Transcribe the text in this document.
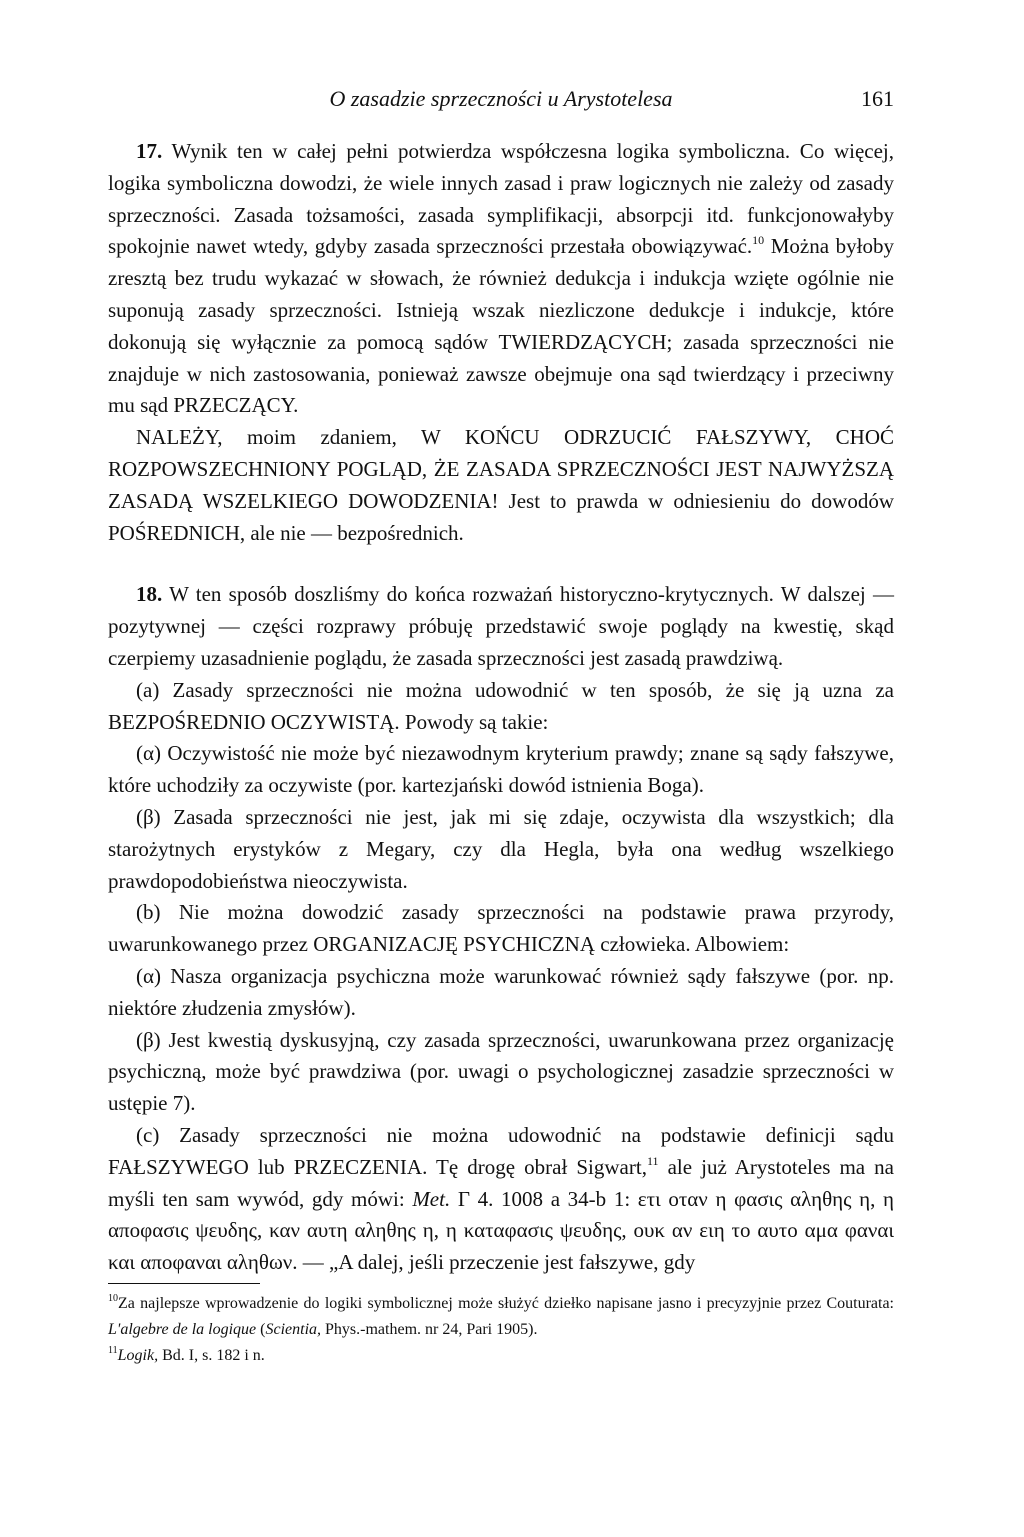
O zasadzie sprzeczności u Arystotelesa	161

17. Wynik ten w całej pełni potwierdza współczesna logika symboliczna. Co więcej, logika symboliczna dowodzi, że wiele innych zasad i praw logicznych nie zależy od zasady sprzeczności. Zasada tożsamości, zasada symplifikacji, absorpcji itd. funkcjonowałyby spokojnie nawet wtedy, gdyby zasada sprzeczności przestała obowiązywać.$^{10}$ Można byłoby zresztą bez trudu wykazać w słowach, że również dedukcja i indukcja wzięte ogólnie nie suponują zasady sprzeczności. Istnieją wszak niezliczone dedukcje i indukcje, które dokonują się wyłącznie za pomocą sądów TWIERDZĄCYCH; zasada sprzeczności nie znajduje w nich zastosowania, ponieważ zawsze obejmuje ona sąd twierdzący i przeciwny mu sąd PRZECZĄCY.

NALEŻY, moim zdaniem, W KOŃCU ODRZUCIĆ FAŁSZYWY, CHOĆ ROZPOWSZECHNIONY POGLĄD, ŻE ZASADA SPRZECZNOŚCI JEST NAJWYŻSZĄ ZASADĄ WSZELKIEGO DOWODZENIA! Jest to prawda w odniesieniu do dowodów POŚREDNICH, ale nie — bezpośrednich.

18. W ten sposób doszliśmy do końca rozważań historyczno-krytycznych. W dalszej — pozytywnej — części rozprawy próbuję przedstawić swoje poglądy na kwestię, skąd czerpiemy uzasadnienie poglądu, że zasada sprzeczności jest zasadą prawdziwą.

(a) Zasady sprzeczności nie można udowodnić w ten sposób, że się ją uzna za BEZPOŚREDNIO OCZYWISTĄ. Powody są takie:

(α) Oczywistość nie może być niezawodnym kryterium prawdy; znane są sądy fałszywe, które uchodziły za oczywiste (por. kartezjański dowód istnienia Boga).

(β) Zasada sprzeczności nie jest, jak mi się zdaje, oczywista dla wszystkich; dla starożytnych erystyków z Megary, czy dla Hegla, była ona według wszelkiego prawdopodobieństwa nieoczywista.

(b) Nie można dowodzić zasady sprzeczności na podstawie prawa przyrody, uwarunkowanego przez ORGANIZACJĘ PSYCHICZNĄ człowieka. Albowiem:

(α) Nasza organizacja psychiczna może warunkować również sądy fałszywe (por. np. niektóre złudzenia zmysłów).

(β) Jest kwestią dyskusyjną, czy zasada sprzeczności, uwarunkowana przez organizację psychiczną, może być prawdziwa (por. uwagi o psychologicznej zasadzie sprzeczności w ustępie 7).

(c) Zasady sprzeczności nie można udowodnić na podstawie definicji sądu FAŁSZYWEGO lub PRZECZENIA. Tę drogę obrał Sigwart,$^{11}$ ale już Arystoteles ma na myśli ten sam wywód, gdy mówi: Met. Γ 4. 1008 a 34-b 1: ετι οταν η φασις αληθης η, η αποφασις ψευδης, καν αυτη αληθης η, η καταφασις ψευδης, ουκ αν ειη το αυτο αμα φαναι και αποφαναι αληθων. — „A dalej, jeśli przeczenie jest fałszywe, gdy

$^{10}$Za najlepsze wprowadzenie do logiki symbolicznej może służyć dziełko napisane jasno i precyzyjnie przez Couturata: L'algebre de la logique (Scientia, Phys.-mathem. nr 24, Pari 1905).

$^{11}$Logik, Bd. I, s. 182 i n.
